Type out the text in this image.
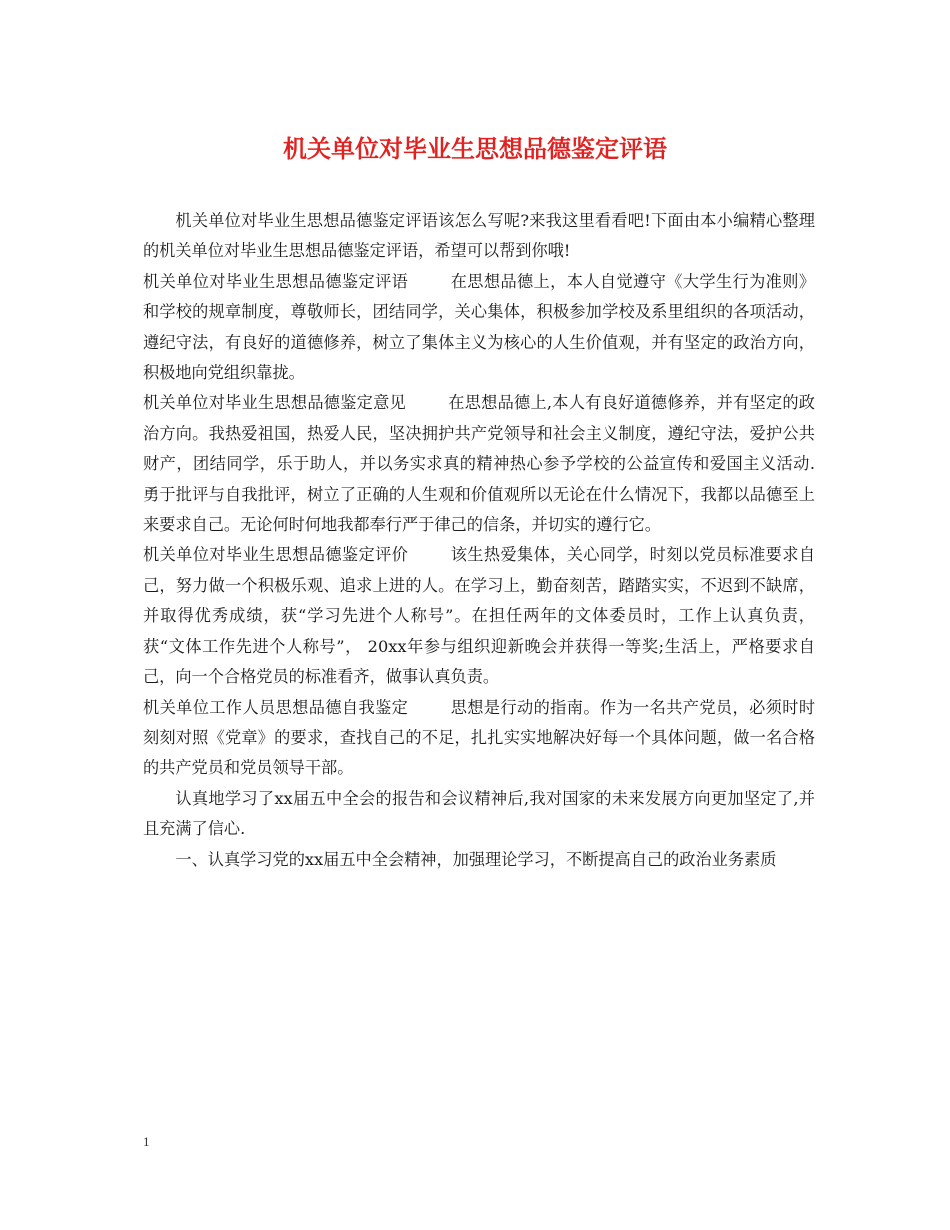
机关单位对毕业生思想品德鉴定评语

机关单位对毕业生思想品德鉴定评语该怎么写呢?来我这里看看吧!下面由本小编精心整理的机关单位对毕业生思想品德鉴定评语，希望可以帮到你哦!

机关单位对毕业生思想品德鉴定评语	在思想品德上，本人自觉遵守《大学生行为准则》和学校的规章制度，尊敬师长，团结同学，关心集体，积极参加学校及系里组织的各项活动，遵纪守法，有良好的道德修养，树立了集体主义为核心的人生价值观，并有坚定的政治方向，积极地向党组织靠拢。

机关单位对毕业生思想品德鉴定意见	在思想品德上,本人有良好道德修养，并有坚定的政治方向。我热爱祖国，热爱人民，坚决拥护共产党领导和社会主义制度，遵纪守法，爱护公共财产，团结同学，乐于助人，并以务实求真的精神热心参予学校的公益宣传和爱国主义活动. 勇于批评与自我批评，树立了正确的人生观和价值观所以无论在什么情况下，我都以品德至上来要求自己。无论何时何地我都奉行严于律己的信条，并切实的遵行它。

机关单位对毕业生思想品德鉴定评价	该生热爱集体，关心同学，时刻以党员标准要求自己，努力做一个积极乐观、追求上进的人。在学习上，勤奋刻苦，踏踏实实，不迟到不缺席，并取得优秀成绩，获“学习先进个人称号”。在担任两年的文体委员时，工作上认真负责，获“文体工作先进个人称号”， 20xx年参与组织迎新晚会并获得一等奖;生活上，严格要求自己，向一个合格党员的标准看齐，做事认真负责。

机关单位工作人员思想品德自我鉴定	思想是行动的指南。作为一名共产党员，必须时时刻刻对照《党章》的要求，查找自己的不足，扎扎实实地解决好每一个具体问题，做一名合格的共产党员和党员领导干部。

认真地学习了xx届五中全会的报告和会议精神后,我对国家的未来发展方向更加坚定了,并且充满了信心.

一、认真学习党的xx届五中全会精神，加强理论学习，不断提高自己的政治业务素质

1
